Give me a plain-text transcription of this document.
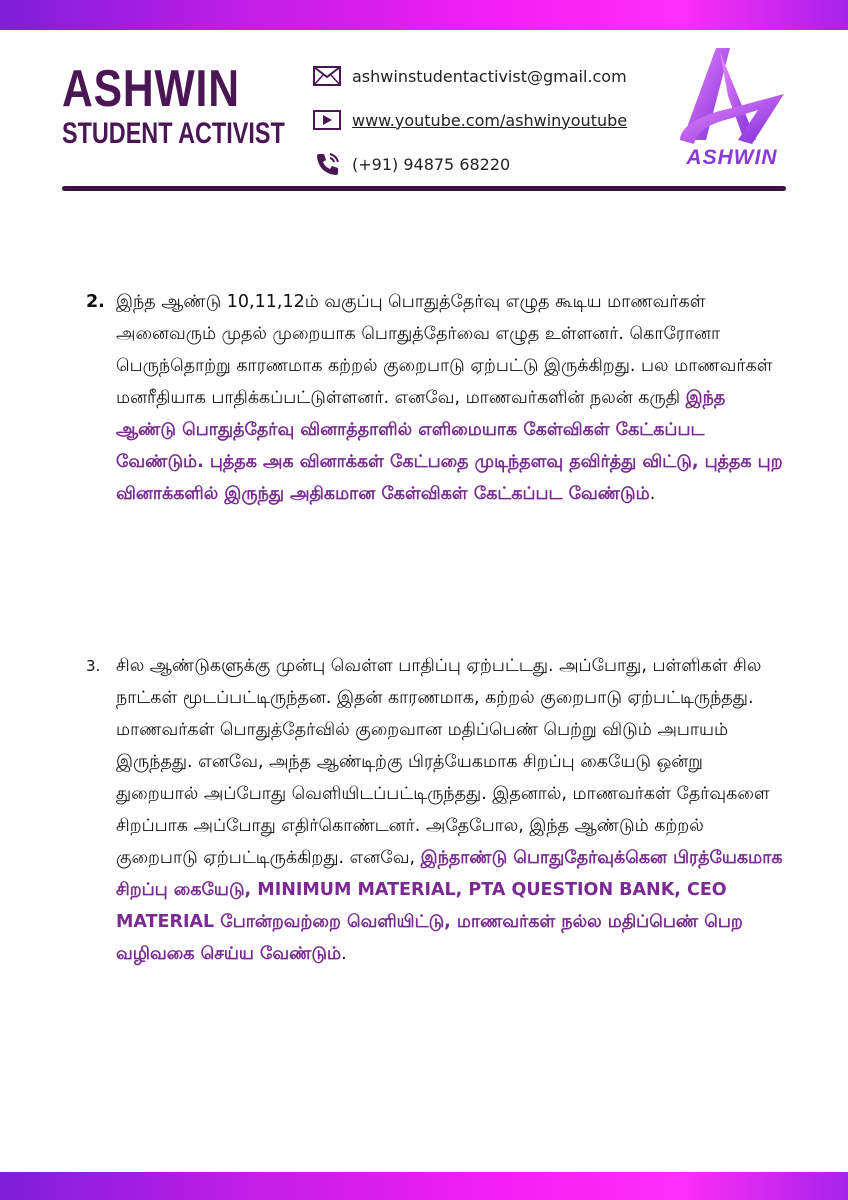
ASHWIN
STUDENT ACTIVIST
ashwinstudentactivist@gmail.com
www.youtube.com/ashwinyoutube
(+91) 94875 68220	ASHWIN
2. இந்த ஆண்டு 10,11,12ம் வகுப்பு பொதுத்தேர்வு எழுத கூடிய மாணவர்கள் அனைவரும் முதல் முறையாக பொதுத்தேர்வை எழுத உள்ளனர். கொரோனா பெருந்தொற்று காரணமாக கற்றல் குறைபாடு ஏற்பட்டு இருக்கிறது. பல மாணவர்கள் மனரீதியாக பாதிக்கப்பட்டுள்ளனர். எனவே, மாணவர்களின் நலன் கருதி இந்த ஆண்டு பொதுத்தேர்வு வினாத்தாளில் எளிமையாக கேள்விகள் கேட்கப்பட வேண்டும். புத்தக அக வினாக்கள் கேட்பதை முடிந்தளவு தவிர்த்து விட்டு, புத்தக புற வினாக்களில் இருந்து அதிகமான கேள்விகள் கேட்கப்பட வேண்டும்.
3. சில ஆண்டுகளுக்கு முன்பு வெள்ள பாதிப்பு ஏற்பட்டது. அப்போது, பள்ளிகள் சில நாட்கள் மூடப்பட்டிருந்தன. இதன் காரணமாக, கற்றல் குறைபாடு ஏற்பட்டிருந்தது. மாணவர்கள் பொதுத்தேர்வில் குறைவான மதிப்பெண் பெற்று விடும் அபாயம் இருந்தது. எனவே, அந்த ஆண்டிற்கு பிரத்யேகமாக சிறப்பு கையேடு ஒன்று துறையால் அப்போது வெளியிடப்பட்டிருந்தது. இதனால், மாணவர்கள் தேர்வுகளை சிறப்பாக அப்போது எதிர்கொண்டனர். அதேபோல, இந்த ஆண்டும் கற்றல் குறைபாடு ஏற்பட்டிருக்கிறது. எனவே, இந்தாண்டு பொதுதேர்வுக்கென பிரத்யேகமாக சிறப்பு கையேடு, MINIMUM MATERIAL, PTA QUESTION BANK, CEO MATERIAL போன்றவற்றை வெளியிட்டு, மாணவர்கள் நல்ல மதிப்பெண் பெற வழிவகை செய்ய வேண்டும்.
